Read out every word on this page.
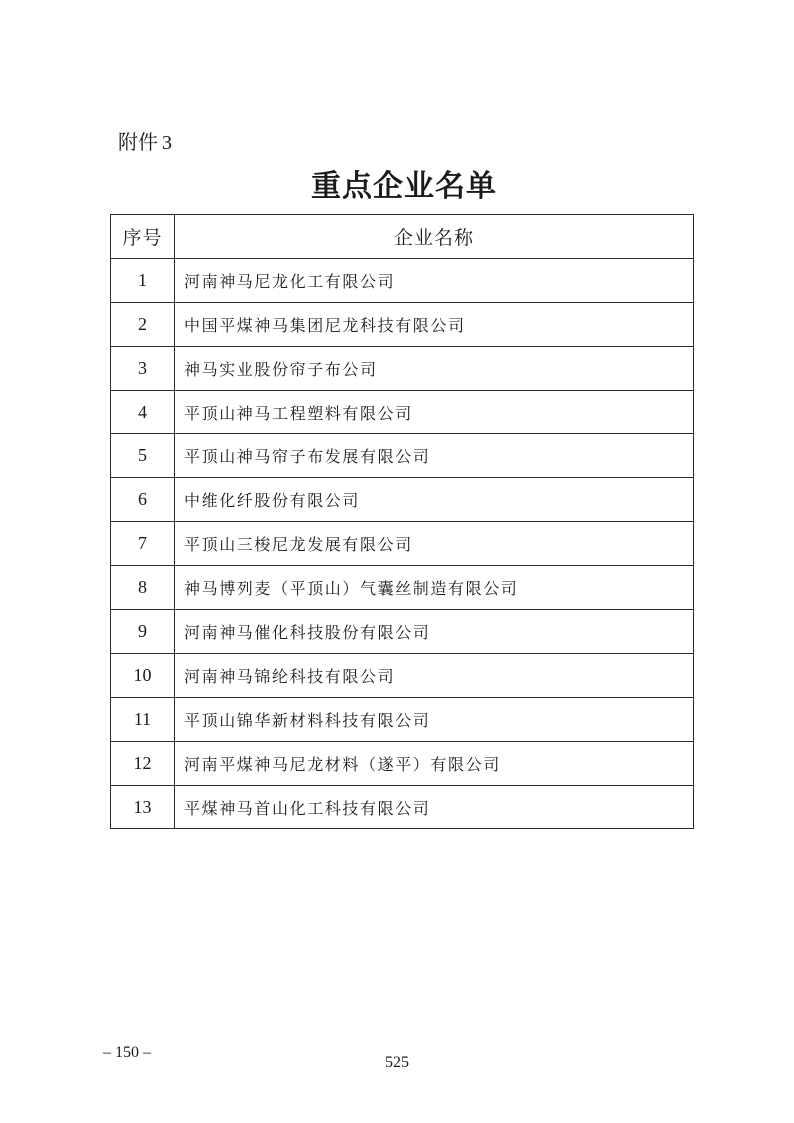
附件 3
重点企业名单
序号	企业名称
1	河南神马尼龙化工有限公司
2	中国平煤神马集团尼龙科技有限公司
3	神马实业股份帘子布公司
4	平顶山神马工程塑料有限公司
5	平顶山神马帘子布发展有限公司
6	中维化纤股份有限公司
7	平顶山三梭尼龙发展有限公司
8	神马博列麦（平顶山）气囊丝制造有限公司
9	河南神马催化科技股份有限公司
10	河南神马锦纶科技有限公司
11	平顶山锦华新材料科技有限公司
12	河南平煤神马尼龙材料（遂平）有限公司
13	平煤神马首山化工科技有限公司
– 150 –
525
